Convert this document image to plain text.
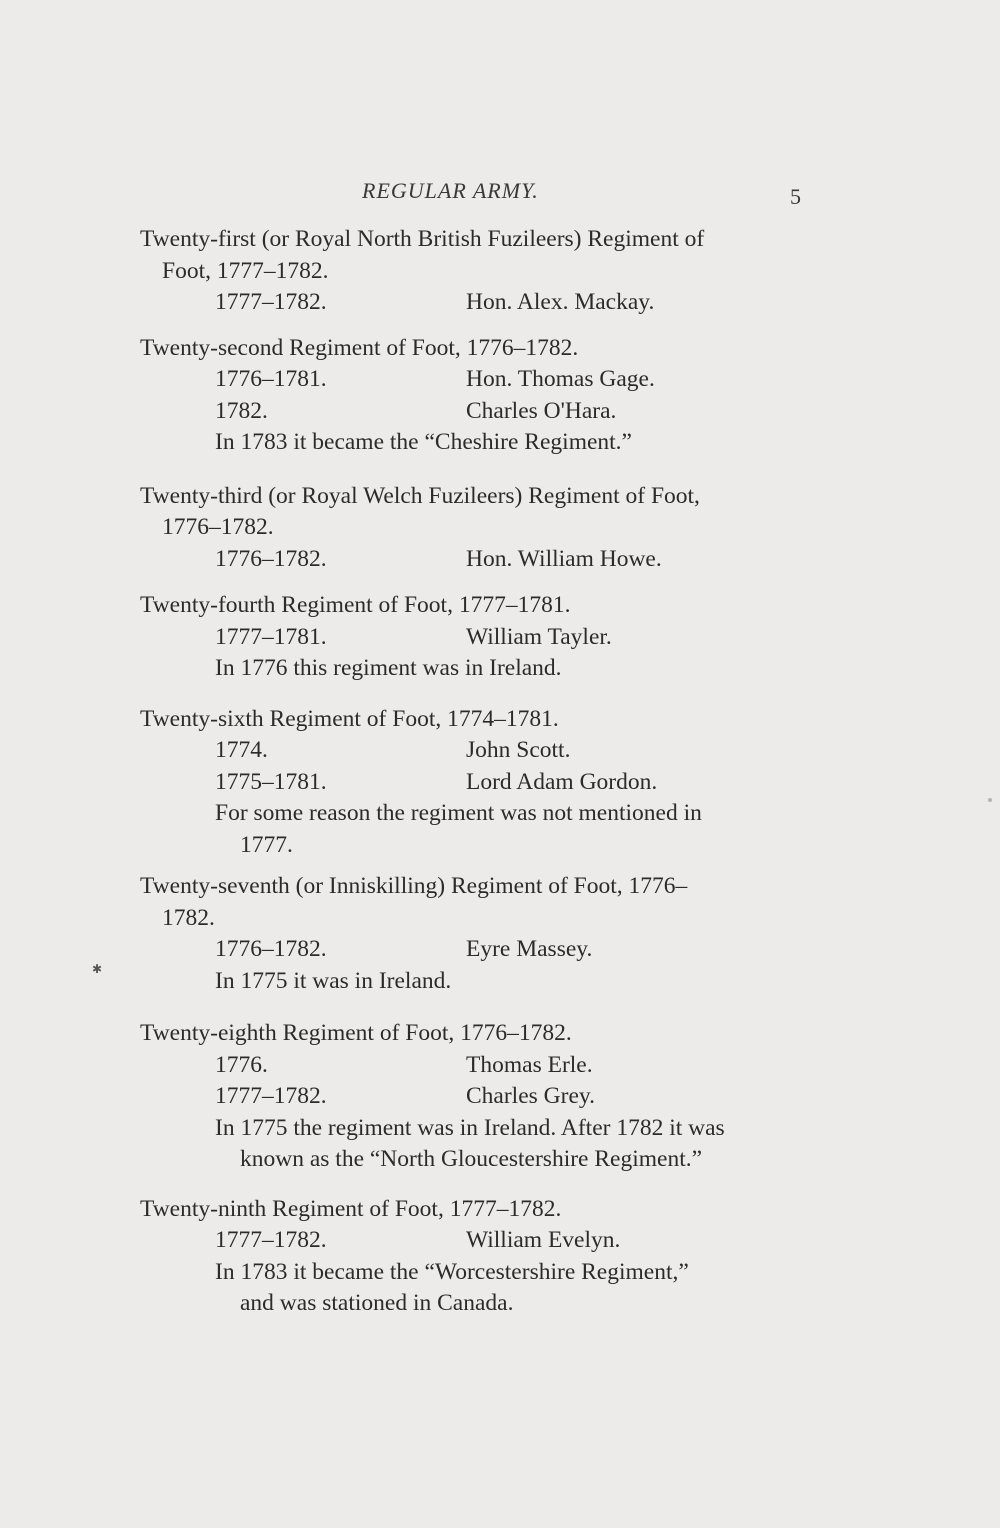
REGULAR ARMY.	5
Twenty-first (or Royal North British Fuzileers) Regiment of
Foot, 1777–1782.
1777–1782.	Hon. Alex. Mackay.
Twenty-second Regiment of Foot, 1776–1782.
1776–1781.	Hon. Thomas Gage.
1782.	Charles O'Hara.
In 1783 it became the “Cheshire Regiment.”
Twenty-third (or Royal Welch Fuzileers) Regiment of Foot,
1776–1782.
1776–1782.	Hon. William Howe.
Twenty-fourth Regiment of Foot, 1777–1781.
1777–1781.	William Tayler.
In 1776 this regiment was in Ireland.
Twenty-sixth Regiment of Foot, 1774–1781.
1774.	John Scott.
1775–1781.	Lord Adam Gordon.
For some reason the regiment was not mentioned in
1777.
Twenty-seventh (or Inniskilling) Regiment of Foot, 1776–
1782.
1776–1782.	Eyre Massey.
In 1775 it was in Ireland.
Twenty-eighth Regiment of Foot, 1776–1782.
1776.	Thomas Erle.
1777–1782.	Charles Grey.
In 1775 the regiment was in Ireland. After 1782 it was
known as the “North Gloucestershire Regiment.”
Twenty-ninth Regiment of Foot, 1777–1782.
1777–1782.	William Evelyn.
In 1783 it became the “Worcestershire Regiment,”
and was stationed in Canada.
✱
